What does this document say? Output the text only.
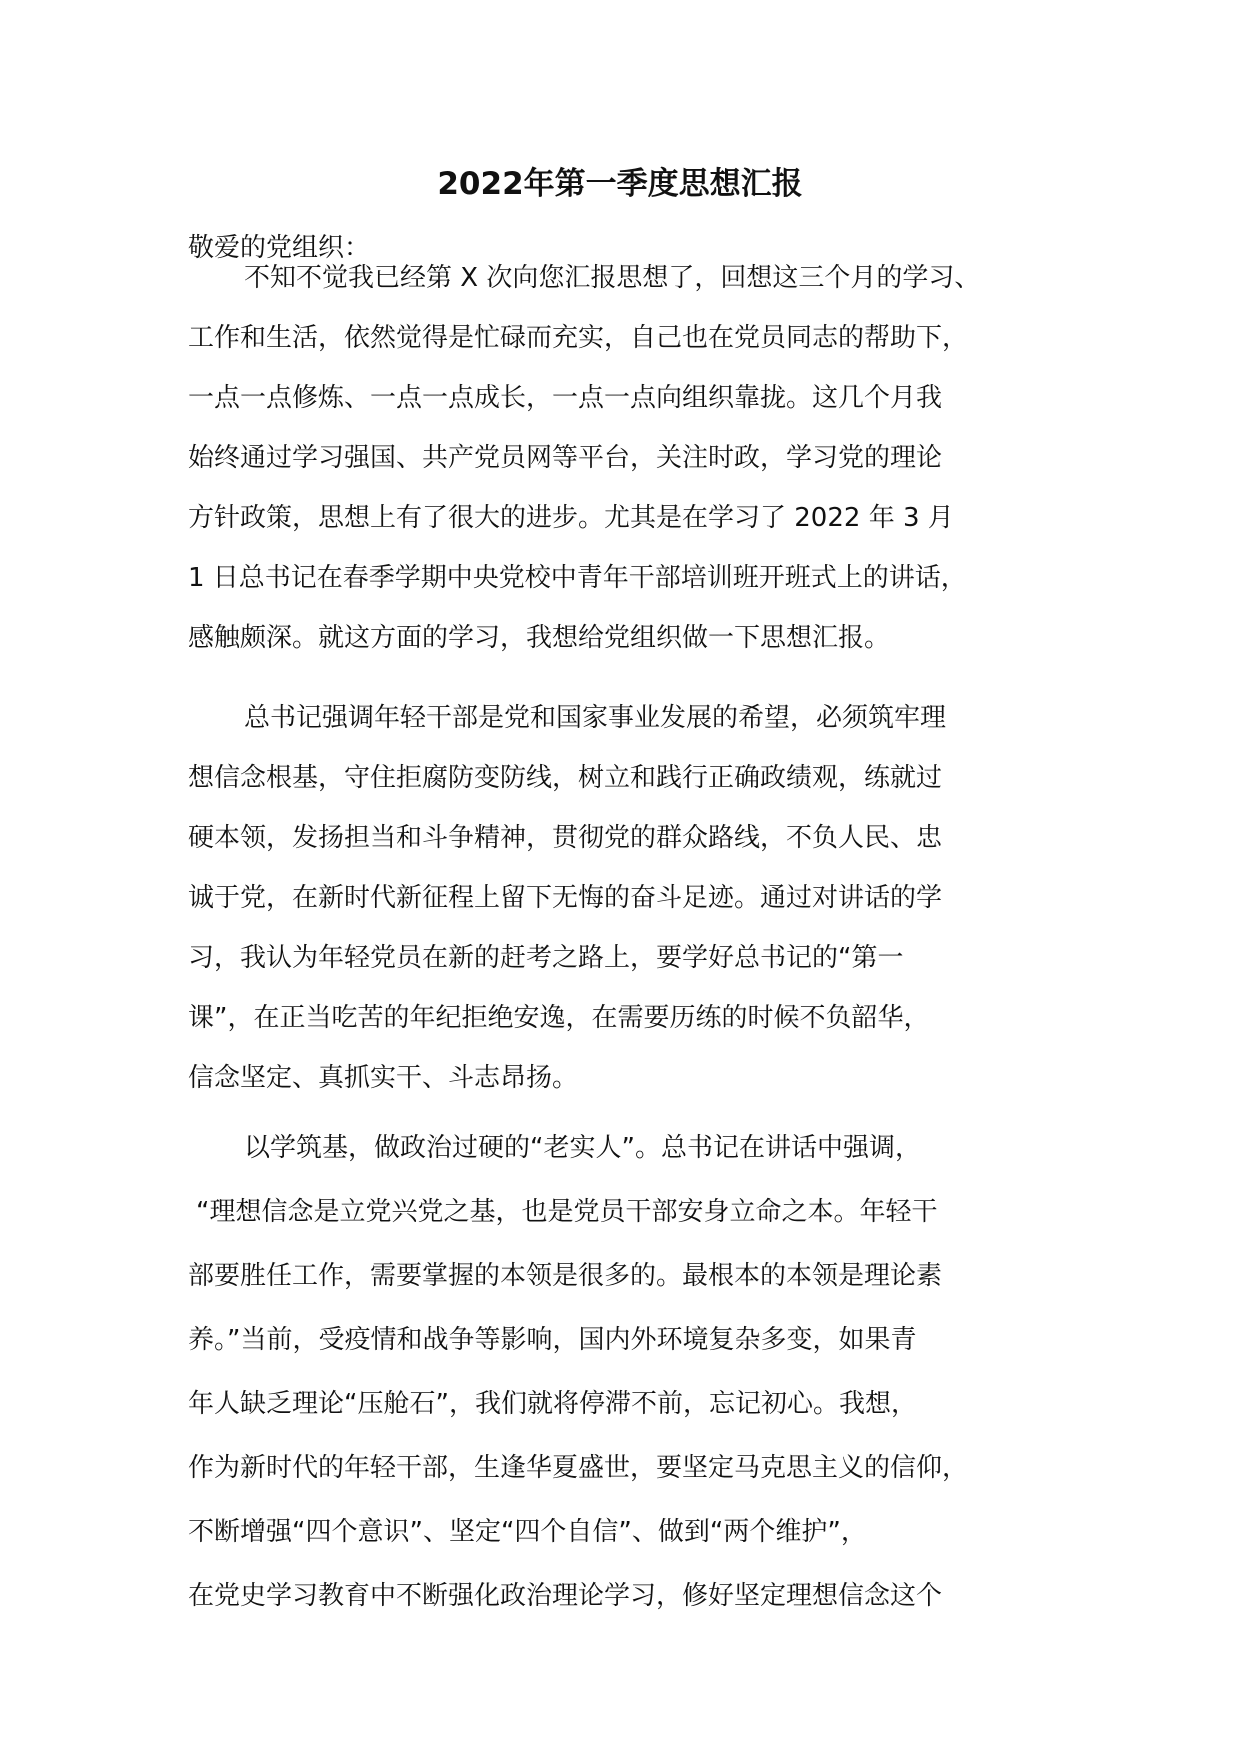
2022年第一季度思想汇报

敬爱的党组织：

不知不觉我已经第 X 次向您汇报思想了，回想这三个月的学习、
工作和生活，依然觉得是忙碌而充实，自己也在党员同志的帮助下，
一点一点修炼、一点一点成长，一点一点向组织靠拢。这几个月我
始终通过学习强国、共产党员网等平台，关注时政，学习党的理论
方针政策，思想上有了很大的进步。尤其是在学习了 2022 年 3 月
1 日总书记在春季学期中央党校中青年干部培训班开班式上的讲话，
感触颇深。就这方面的学习，我想给党组织做一下思想汇报。
总书记强调年轻干部是党和国家事业发展的希望，必须筑牢理
想信念根基，守住拒腐防变防线，树立和践行正确政绩观，练就过
硬本领，发扬担当和斗争精神，贯彻党的群众路线，不负人民、忠
诚于党，在新时代新征程上留下无悔的奋斗足迹。通过对讲话的学
习，我认为年轻党员在新的赶考之路上，要学好总书记的“第一
课”，在正当吃苦的年纪拒绝安逸，在需要历练的时候不负韶华，
信念坚定、真抓实干、斗志昂扬。
以学筑基，做政治过硬的“老实人”。总书记在讲话中强调，
“理想信念是立党兴党之基，也是党员干部安身立命之本。年轻干
部要胜任工作，需要掌握的本领是很多的。最根本的本领是理论素
养。”当前，受疫情和战争等影响，国内外环境复杂多变，如果青
年人缺乏理论“压舱石”，我们就将停滞不前，忘记初心。我想，
作为新时代的年轻干部，生逢华夏盛世，要坚定马克思主义的信仰，
不断增强“四个意识”、坚定“四个自信”、做到“两个维护”，
在党史学习教育中不断强化政治理论学习，修好坚定理想信念这个
